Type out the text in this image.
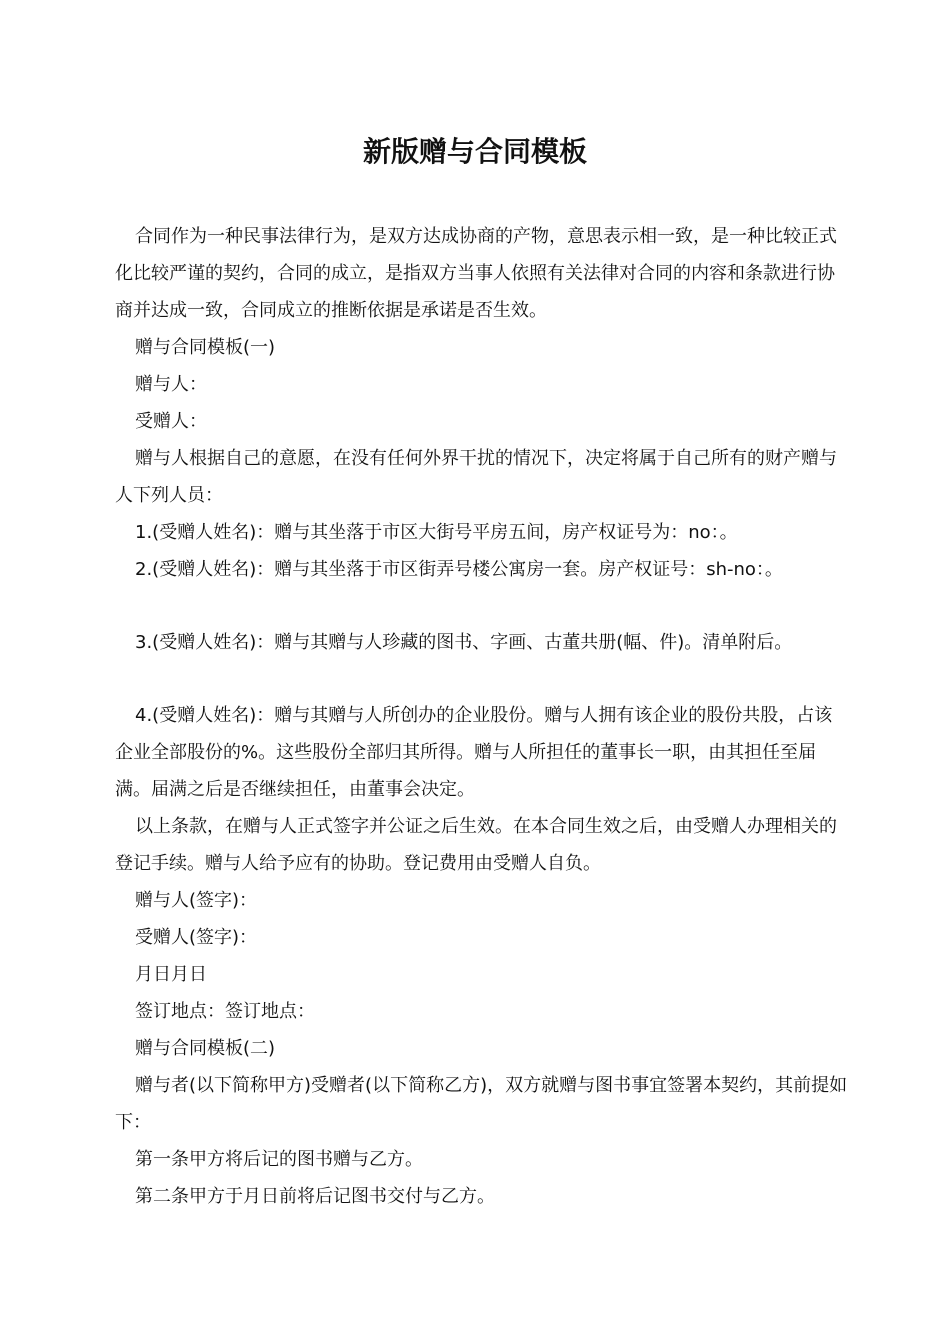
新版赠与合同模板

合同作为一种民事法律行为，是双方达成协商的产物，意思表示相一致，是一种比较正式化比较严谨的契约，合同的成立，是指双方当事人依照有关法律对合同的内容和条款进行协商并达成一致，合同成立的推断依据是承诺是否生效。

赠与合同模板(一)

赠与人：

受赠人：

赠与人根据自己的意愿，在没有任何外界干扰的情况下，决定将属于自己所有的财产赠与人下列人员：

1.(受赠人姓名)：赠与其坐落于市区大街号平房五间，房产权证号为：no：。

2.(受赠人姓名)：赠与其坐落于市区街弄号楼公寓房一套。房产权证号：sh-no：。

3.(受赠人姓名)：赠与其赠与人珍藏的图书、字画、古董共册(幅、件)。清单附后。

4.(受赠人姓名)：赠与其赠与人所创办的企业股份。赠与人拥有该企业的股份共股，占该企业全部股份的%。这些股份全部归其所得。赠与人所担任的董事长一职，由其担任至届满。届满之后是否继续担任，由董事会决定。

以上条款，在赠与人正式签字并公证之后生效。在本合同生效之后，由受赠人办理相关的登记手续。赠与人给予应有的协助。登记费用由受赠人自负。

赠与人(签字)：

受赠人(签字)：

月日月日

签订地点：签订地点：

赠与合同模板(二)

赠与者(以下简称甲方)受赠者(以下简称乙方)，双方就赠与图书事宜签署本契约，其前提如下：

第一条甲方将后记的图书赠与乙方。

第二条甲方于月日前将后记图书交付与乙方。
